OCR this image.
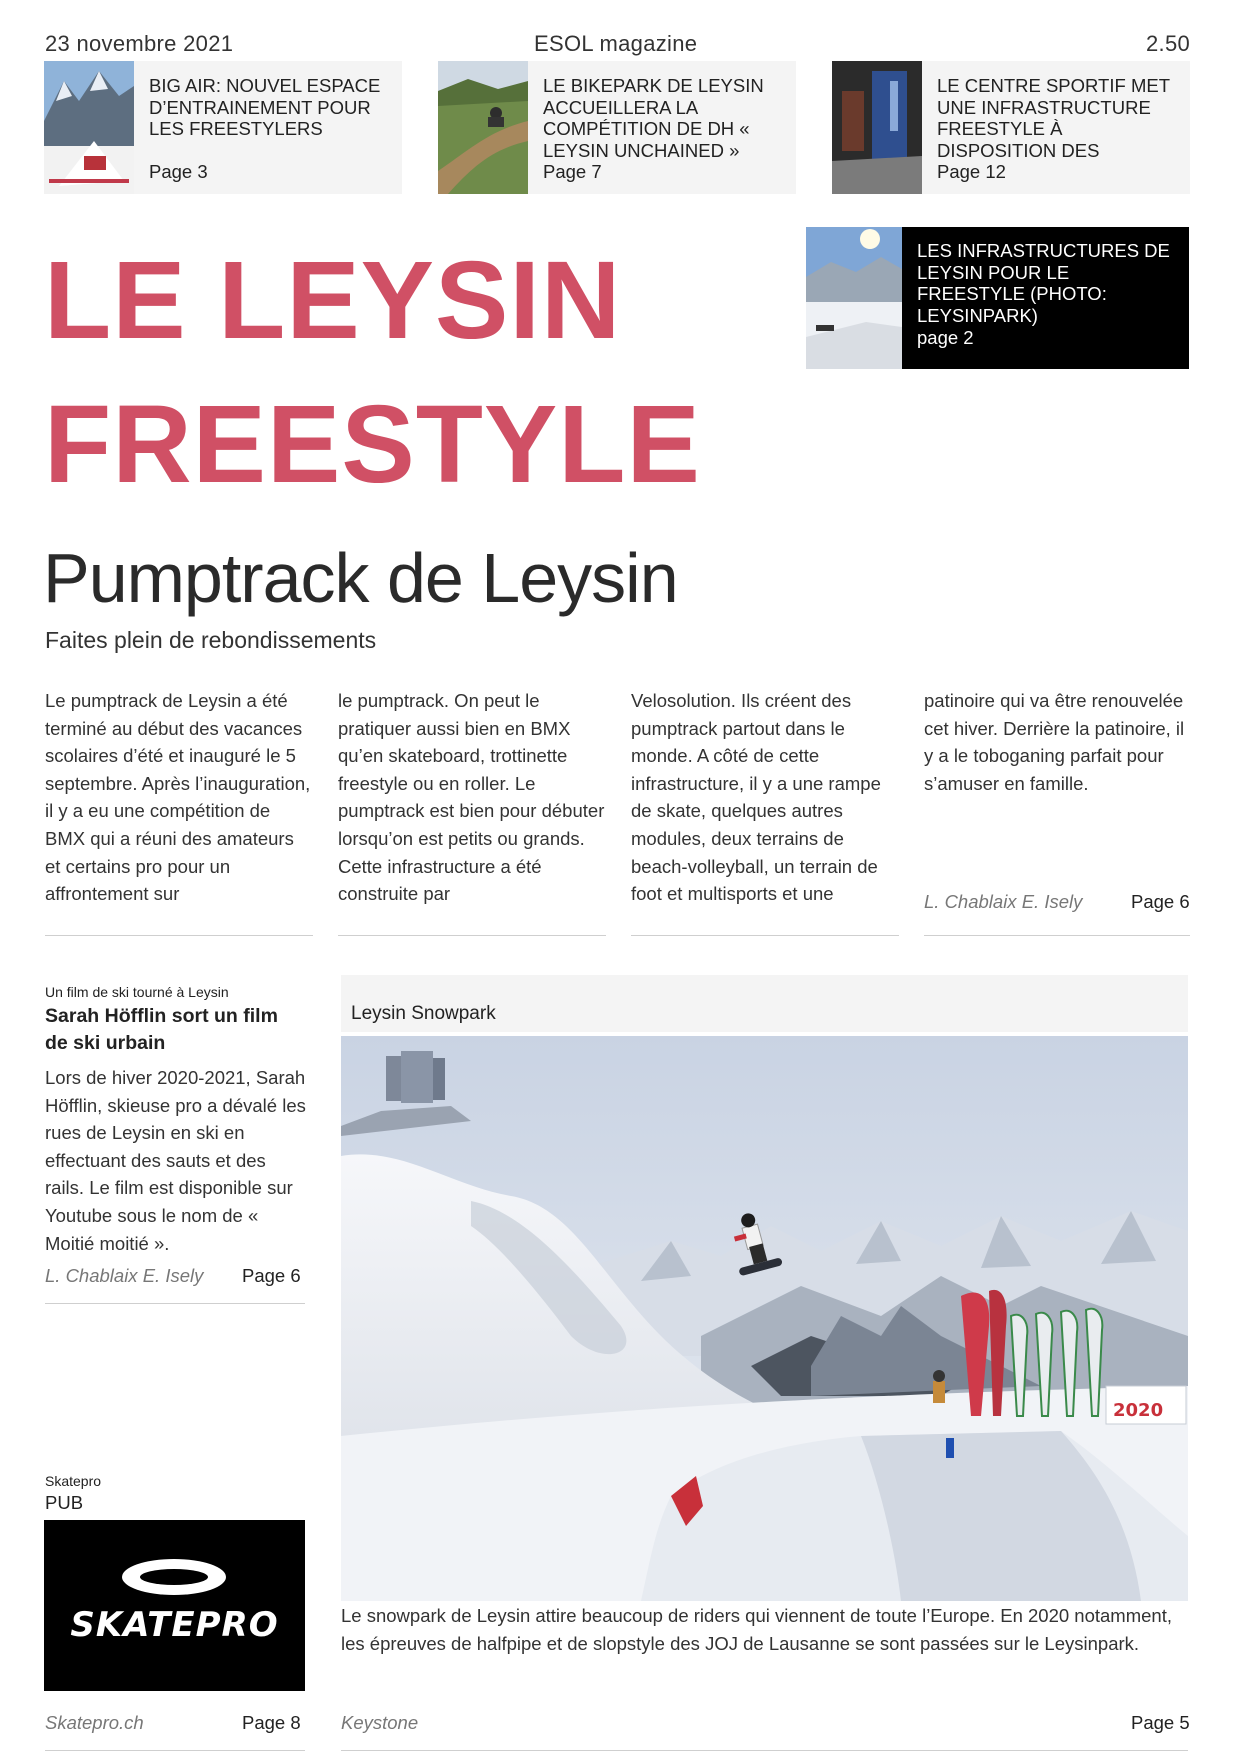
23 novembre 2021	ESOL magazine	2.50
BIG AIR: NOUVEL ESPACE D’ENTRAINEMENT POUR LES FREESTYLERS
Page 3
LE BIKEPARK DE LEYSIN ACCUEILLERA LA COMPÉTITION DE DH « LEYSIN UNCHAINED »
Page 7
LE CENTRE SPORTIF MET UNE INFRASTRUCTURE FREESTYLE À DISPOSITION DES
Page 12
LES INFRASTRUCTURES DE LEYSIN POUR LE FREESTYLE (PHOTO: LEYSINPARK)
page 2
LE LEYSIN
FREESTYLE
Pumptrack de Leysin
Faites plein de rebondissements
Le pumptrack de Leysin a été terminé au début des vacances scolaires d’été et inauguré le 5 septembre. Après l’inauguration, il y a eu une compétition de BMX qui a réuni des amateurs et certains pro pour un affrontement sur
le pumptrack. On peut le pratiquer aussi bien en BMX qu’en skateboard, trottinette freestyle ou en roller. Le pumptrack est bien pour débuter lorsqu’on est petits ou grands. Cette infrastructure a été construite par
Velosolution. Ils créent des pumptrack partout dans le monde. A côté de cette infrastructure, il y a une rampe de skate, quelques autres modules, deux terrains de beach-volleyball, un terrain de foot et multisports et une
patinoire qui va être renouvelée cet hiver. Derrière la patinoire, il y a le toboganing parfait pour s’amuser en famille.
L. Chablaix E. Isely	Page 6
Un film de ski tourné à Leysin
Sarah Höfflin sort un film de ski urbain
Lors de hiver 2020-2021, Sarah Höfflin, skieuse pro a dévalé les rues de Leysin en ski en effectuant des sauts et des rails. Le film est disponible sur Youtube sous le nom de « Moitié moitié ».
L. Chablaix E. Isely Page 6
Skatepro
PUB
SKATEPRO
Skatepro.ch	Page 8
Leysin Snowpark
2020
Le snowpark de Leysin attire beaucoup de riders qui viennent de toute l’Europe. En 2020 notamment, les épreuves de halfpipe et de slopstyle des JOJ de Lausanne se sont passées sur le Leysinpark.
Keystone	Page 5
